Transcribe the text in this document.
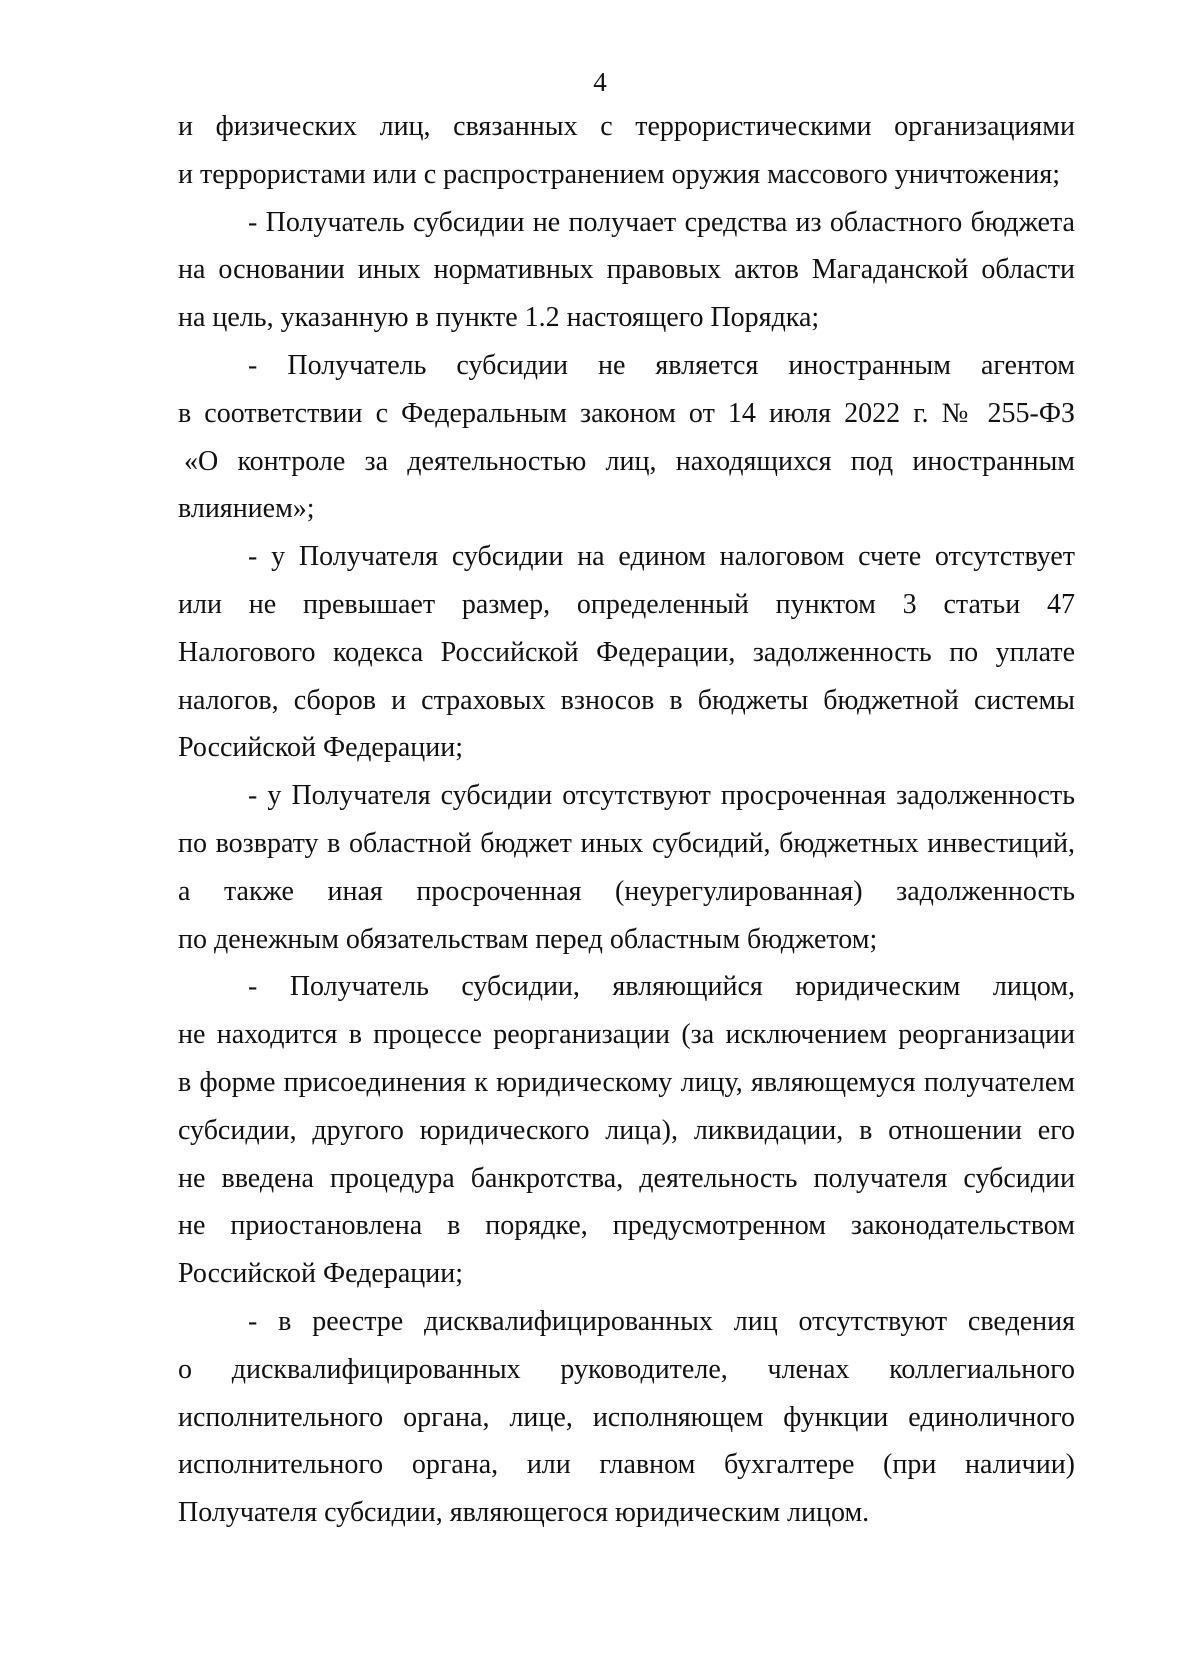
4
и физических лиц, связанных с террористическими организациями
и террористами или с распространением оружия массового уничтожения;
- Получатель субсидии не получает средства из областного бюджета
на основании иных нормативных правовых актов Магаданской области
на цель, указанную в пункте 1.2 настоящего Порядка;
- Получатель субсидии не является иностранным агентом
в соответствии с Федеральным законом от 14 июля 2022 г. № 255-ФЗ
«О контроле за деятельностью лиц, находящихся под иностранным
влиянием»;
- у Получателя субсидии на едином налоговом счете отсутствует
или не превышает размер, определенный пунктом 3 статьи 47
Налогового кодекса Российской Федерации, задолженность по уплате
налогов, сборов и страховых взносов в бюджеты бюджетной системы
Российской Федерации;
- у Получателя субсидии отсутствуют просроченная задолженность
по возврату в областной бюджет иных субсидий, бюджетных инвестиций,
а также иная просроченная (неурегулированная) задолженность
по денежным обязательствам перед областным бюджетом;
- Получатель субсидии, являющийся юридическим лицом,
не находится в процессе реорганизации (за исключением реорганизации
в форме присоединения к юридическому лицу, являющемуся получателем
субсидии, другого юридического лица), ликвидации, в отношении его
не введена процедура банкротства, деятельность получателя субсидии
не приостановлена в порядке, предусмотренном законодательством
Российской Федерации;
- в реестре дисквалифицированных лиц отсутствуют сведения
о дисквалифицированных руководителе, членах коллегиального
исполнительного органа, лице, исполняющем функции единоличного
исполнительного органа, или главном бухгалтере (при наличии)
Получателя субсидии, являющегося юридическим лицом.
